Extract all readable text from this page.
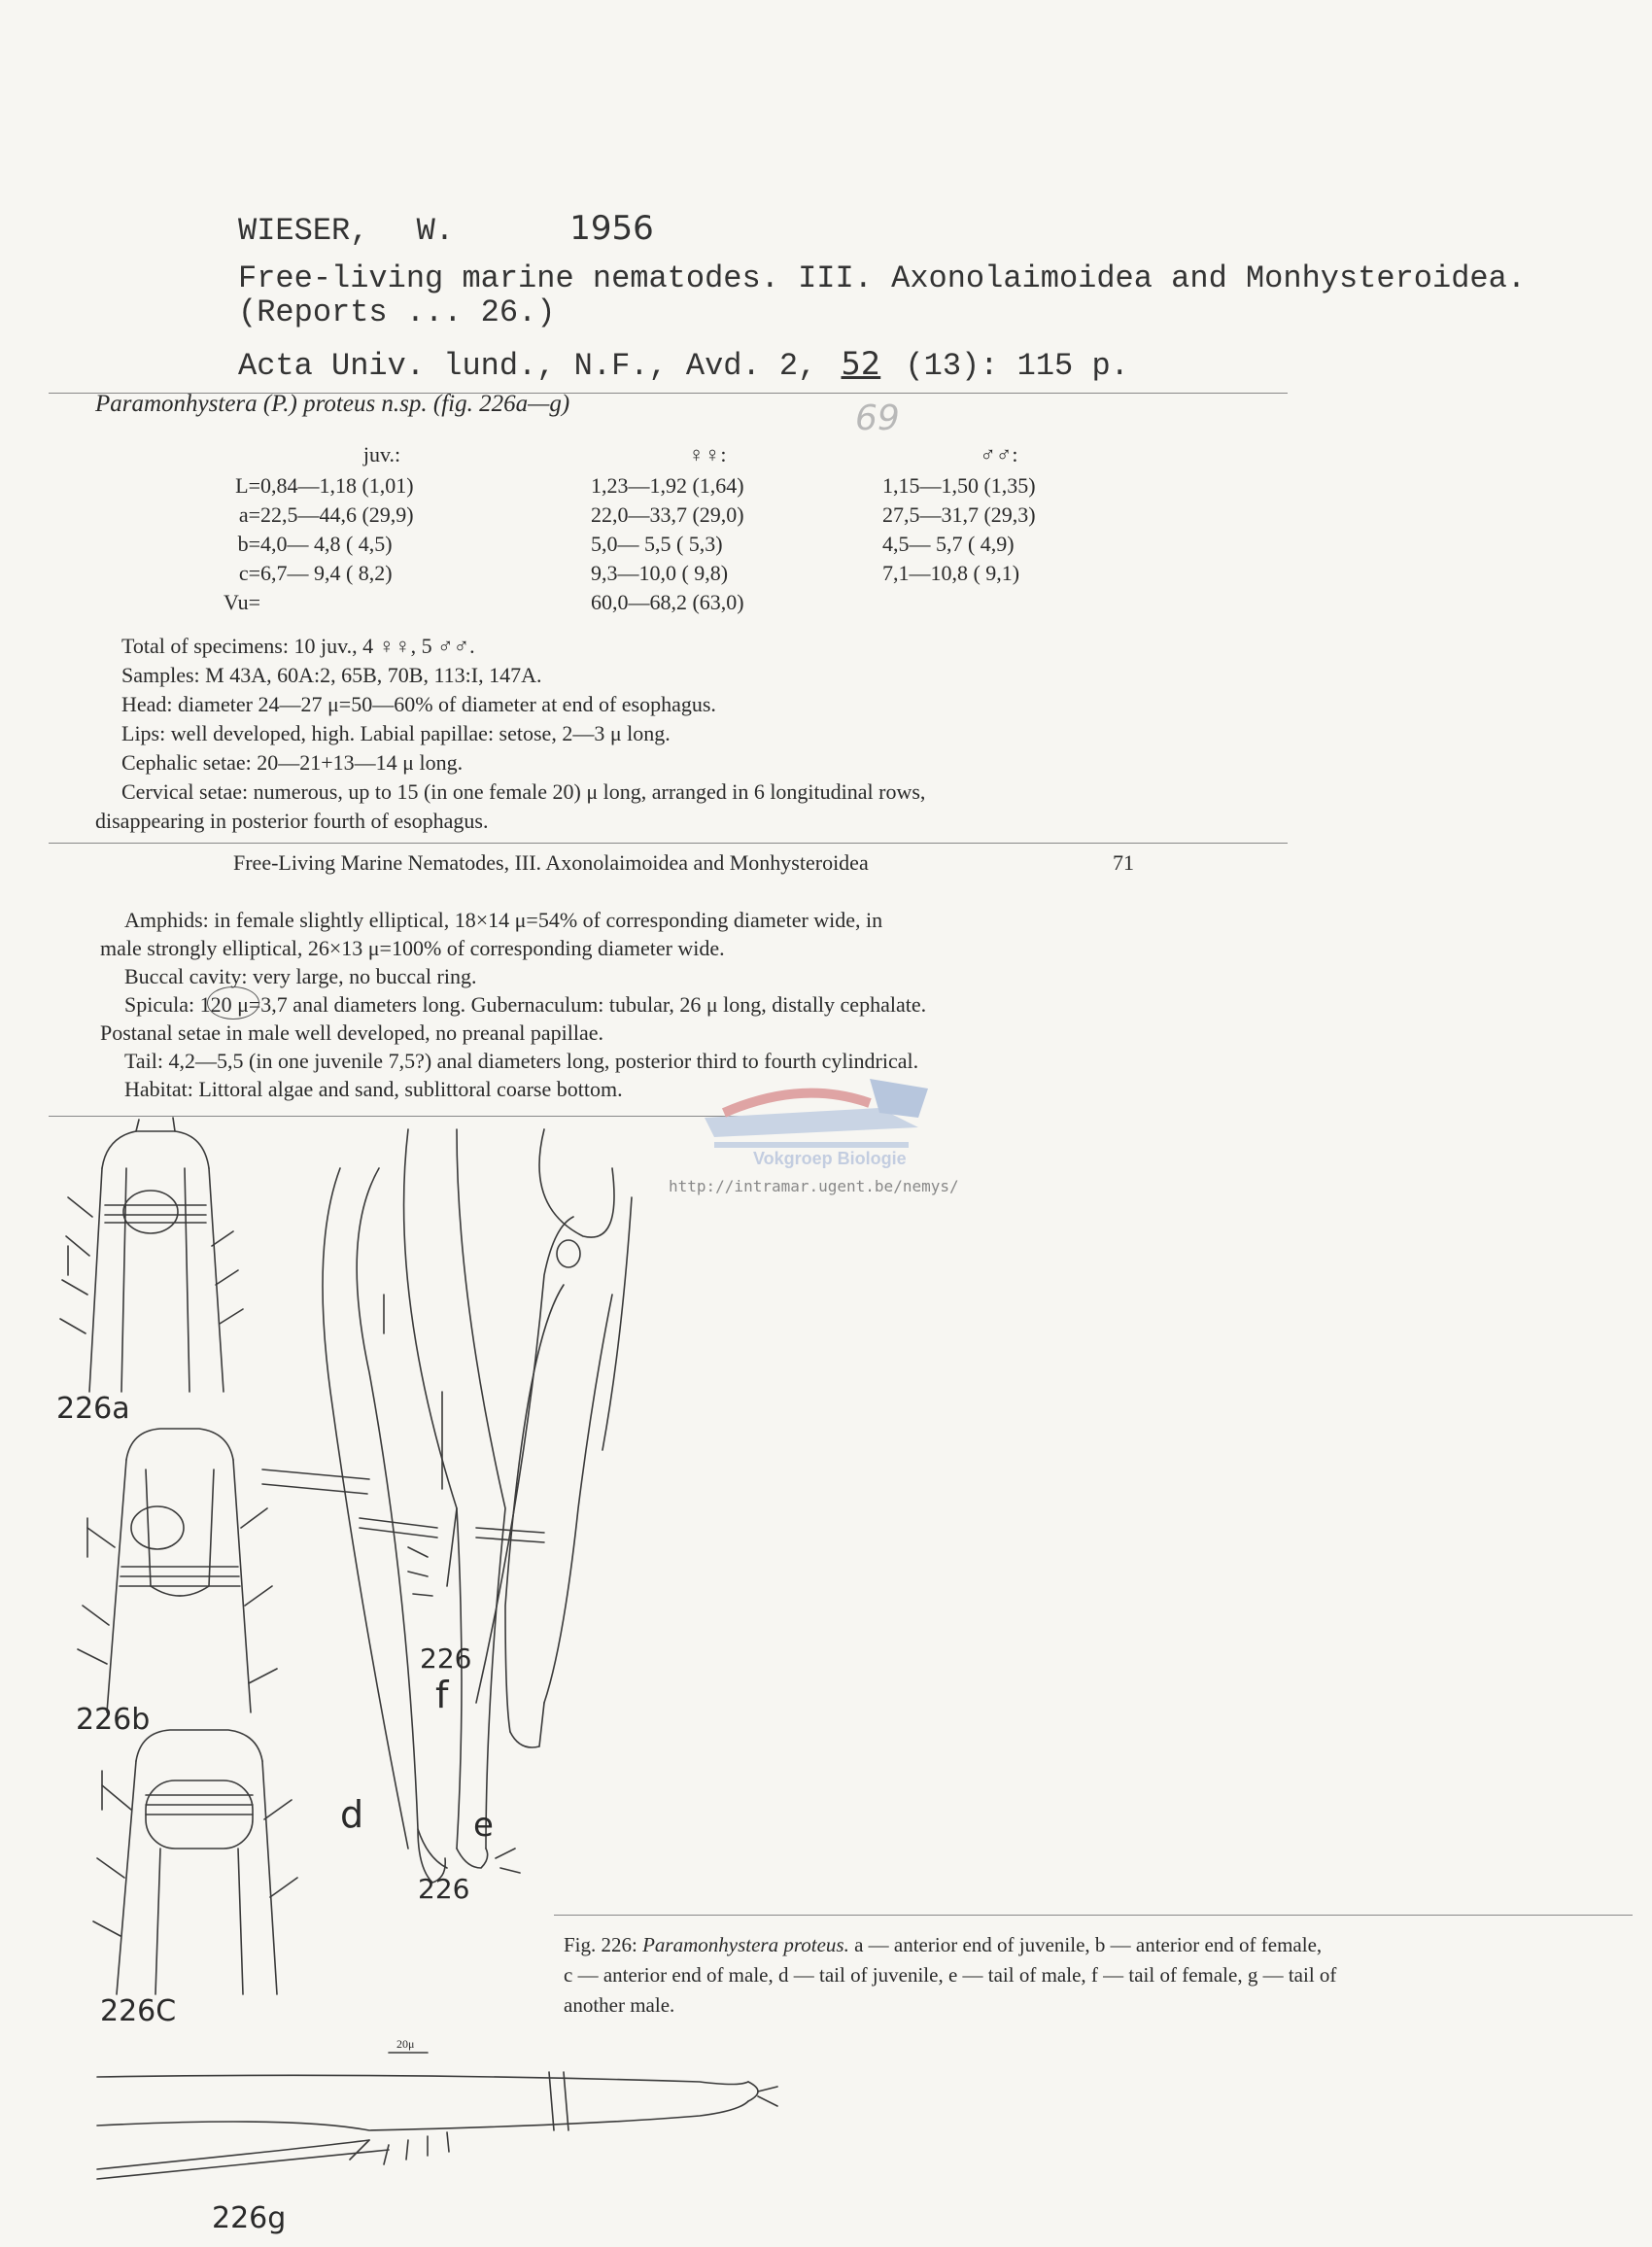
WIESER, W.	1956
Free-living marine nematodes. III. Axonolaimoidea and Monhysteroidea.
(Reports ... 26.)
Acta Univ. lund., N.F., Avd. 2, 52 (13): 115 p.
Paramonhystera (P.) proteus n.sp. (fig. 226a—g)	69
	juv.:	♀♀:	♂♂:
L=	0,84—1,18 (1,01)	1,23—1,92 (1,64)	1,15—1,50 (1,35)
a=	22,5—44,6 (29,9)	22,0—33,7 (29,0)	27,5—31,7 (29,3)
b=	4,0— 4,8 ( 4,5)	5,0— 5,5 ( 5,3)	4,5— 5,7 ( 4,9)
c=	6,7— 9,4 ( 8,2)	9,3—10,0 ( 9,8)	7,1—10,8 ( 9,1)
Vu=		60,0—68,2 (63,0)	
Total of specimens: 10 juv., 4 ♀♀, 5 ♂♂.
Samples: M 43A, 60A:2, 65B, 70B, 113:I, 147A.
Head: diameter 24—27 μ=50—60% of diameter at end of esophagus.
Lips: well developed, high. Labial papillae: setose, 2—3 μ long.
Cephalic setae: 20—21+13—14 μ long.
Cervical setae: numerous, up to 15 (in one female 20) μ long, arranged in 6 longitudinal rows,
disappearing in posterior fourth of esophagus.
Free-Living Marine Nematodes, III. Axonolaimoidea and Monhysteroidea	71
Amphids: in female slightly elliptical, 18×14 μ=54% of corresponding diameter wide, in
male strongly elliptical, 26×13 μ=100% of corresponding diameter wide.
Buccal cavity: very large, no buccal ring.
Spicula: 120 μ=3,7 anal diameters long. Gubernaculum: tubular, 26 μ long, distally cephalate.
Postanal setae in male well developed, no preanal papillae.
Tail: 4,2—5,5 (in one juvenile 7,5?) anal diameters long, posterior third to fourth cylindrical.
Habitat: Littoral algae and sand, sublittoral coarse bottom.
Vokgroep Biologie
http://intramar.ugent.be/nemys/
226a
226b
226C
226
f
d	e
226
226g
20μ
Fig. 226: Paramonhystera proteus. a — anterior end of juvenile, b — anterior end of female,
c — anterior end of male, d — tail of juvenile, e — tail of male, f — tail of female, g — tail of
another male.
